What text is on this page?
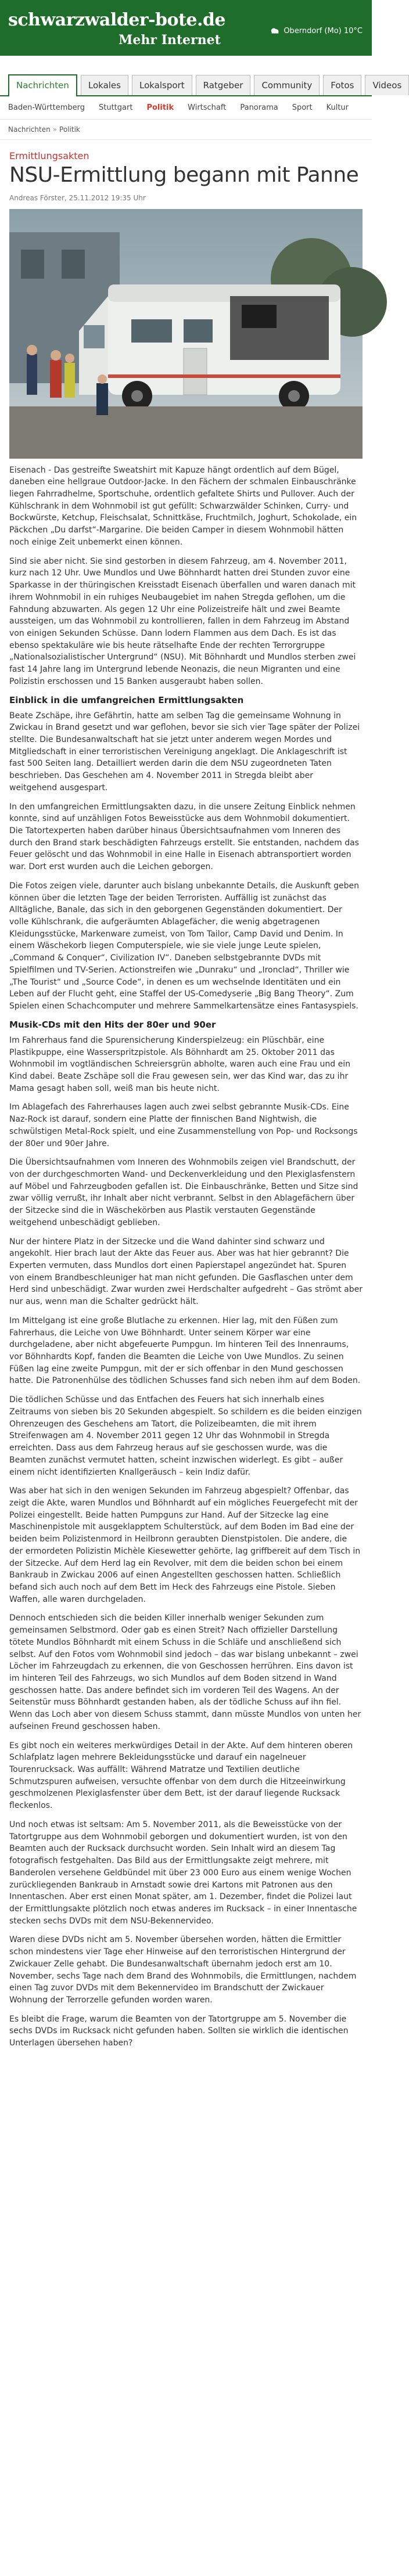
schwarzwalder-bote.de
Mehr Internet
Oberndorf (Mo) 10°C
Nachrichten	Lokales	Lokalsport	Ratgeber	Community	Fotos	Videos
Baden-Württemberg Stuttgart Politik Wirtschaft Panorama Sport Kultur
Nachrichten » Politik
Ermittlungsakten
NSU-Ermittlung begann mit Panne
Andreas Förster, 25.11.2012 19:35 Uhr

Eisenach - Das gestreifte Sweatshirt mit Kapuze hängt ordentlich auf dem Bügel, daneben eine hellgraue Outdoor-Jacke. In den Fächern der schmalen Einbauschränke liegen Fahrradhelme, Sportschuhe, ordentlich gefaltete Shirts und Pullover. Auch der Kühlschrank in dem Wohnmobil ist gut gefüllt: Schwarzwälder Schinken, Curry- und Bockwürste, Ketchup, Fleischsalat, Schnittkäse, Fruchtmilch, Joghurt, Schokolade, ein Päckchen „Du darfst“-Margarine. Die beiden Camper in diesem Wohnmobil hätten noch einige Zeit unbemerkt einen können.

Sind sie aber nicht. Sie sind gestorben in diesem Fahrzeug, am 4. November 2011, kurz nach 12 Uhr. Uwe Mundlos und Uwe Böhnhardt hatten drei Stunden zuvor eine Sparkasse in der thüringischen Kreisstadt Eisenach überfallen und waren danach mit ihrem Wohnmobil in ein ruhiges Neubaugebiet im nahen Stregda geflohen, um die Fahndung abzuwarten. Als gegen 12 Uhr eine Polizeistreife hält und zwei Beamte aussteigen, um das Wohnmobil zu kontrollieren, fallen in dem Fahrzeug im Abstand von einigen Sekunden Schüsse. Dann lodern Flammen aus dem Dach. Es ist das ebenso spektakuläre wie bis heute rätselhafte Ende der rechten Terrorgruppe „Nationalsozialistischer Untergrund“ (NSU). Mit Böhnhardt und Mundlos sterben zwei fast 14 Jahre lang im Untergrund lebende Neonazis, die neun Migranten und eine Polizistin erschossen und 15 Banken ausgeraubt haben sollen.

Einblick in die umfangreichen Ermittlungsakten

Beate Zschäpe, ihre Gefährtin, hatte am selben Tag die gemeinsame Wohnung in Zwickau in Brand gesetzt und war geflohen, bevor sie sich vier Tage später der Polizei stellte. Die Bundesanwaltschaft hat sie jetzt unter anderem wegen Mordes und Mitgliedschaft in einer terroristischen Vereinigung angeklagt. Die Anklageschrift ist fast 500 Seiten lang. Detailliert werden darin die dem NSU zugeordneten Taten beschrieben. Das Geschehen am 4. November 2011 in Stregda bleibt aber weitgehend ausgespart.

In den umfangreichen Ermittlungsakten dazu, in die unsere Zeitung Einblick nehmen konnte, sind auf unzähligen Fotos Beweisstücke aus dem Wohnmobil dokumentiert. Die Tatortexperten haben darüber hinaus Übersichtsaufnahmen vom Inneren des durch den Brand stark beschädigten Fahrzeugs erstellt. Sie entstanden, nachdem das Feuer gelöscht und das Wohnmobil in eine Halle in Eisenach abtransportiert worden war. Dort erst wurden auch die Leichen geborgen.

Die Fotos zeigen viele, darunter auch bislang unbekannte Details, die Auskunft geben können über die letzten Tage der beiden Terroristen. Auffällig ist zunächst das Alltägliche, Banale, das sich in den geborgenen Gegenständen dokumentiert. Der volle Kühlschrank, die aufgeräumten Ablagefächer, die wenig abgetragenen Kleidungsstücke, Markenware zumeist, von Tom Tailor, Camp David und Denim. In einem Wäschekorb liegen Computerspiele, wie sie viele junge Leute spielen, „Command & Conquer“, Civilization IV“. Daneben selbstgebrannte DVDs mit Spielfilmen und TV-Serien. Actionstreifen wie „Dunraku“ und „Ironclad“, Thriller wie „The Tourist“ und „Source Code“, in denen es um wechselnde Identitäten und ein Leben auf der Flucht geht, eine Staffel der US-Comedyserie „Big Bang Theory“. Zum Spielen einen Schachcomputer und mehrere Sammelkartensätze eines Fantasyspiels.

Musik-CDs mit den Hits der 80er und 90er

Im Fahrerhaus fand die Spurensicherung Kinderspielzeug: ein Plüschbär, eine Plastikpuppe, eine Wasserspritzpistole. Als Böhnhardt am 25. Oktober 2011 das Wohnmobil im vogtländischen Schreiersgrün abholte, waren auch eine Frau und ein Kind dabei. Beate Zschäpe soll die Frau gewesen sein, wer das Kind war, das zu ihr Mama gesagt haben soll, weiß man bis heute nicht.

Im Ablagefach des Fahrerhauses lagen auch zwei selbst gebrannte Musik-CDs. Eine Naz-Rock ist darauf, sondern eine Platte der finnischen Band Nightwish, die schwülstigen Metal-Rock spielt, und eine Zusammenstellung von Pop- und Rocksongs der 80er und 90er Jahre.

Die Übersichtsaufnahmen vom Inneren des Wohnmobils zeigen viel Brandschutt, der von der durchgeschmorten Wand- und Deckenverkleidung und den Plexiglasfenstern auf Möbel und Fahrzeugboden gefallen ist. Die Einbauschränke, Betten und Sitze sind zwar völlig verrußt, ihr Inhalt aber nicht verbrannt. Selbst in den Ablagefächern über der Sitzecke sind die in Wäschekörben aus Plastik verstauten Gegenstände weitgehend unbeschädigt geblieben.

Nur der hintere Platz in der Sitzecke und die Wand dahinter sind schwarz und angekohlt. Hier brach laut der Akte das Feuer aus. Aber was hat hier gebrannt? Die Experten vermuten, dass Mundlos dort einen Papierstapel angezündet hat. Spuren von einem Brandbeschleuniger hat man nicht gefunden. Die Gasflaschen unter dem Herd sind unbeschädigt. Zwar wurden zwei Herdschalter aufgedreht – Gas strömt aber nur aus, wenn man die Schalter gedrückt hält.

Im Mittelgang ist eine große Blutlache zu erkennen. Hier lag, mit den Füßen zum Fahrerhaus, die Leiche von Uwe Böhnhardt. Unter seinem Körper war eine durchgeladene, aber nicht abgefeuerte Pumpgun. Im hinteren Teil des Innenraums, vor Böhnhardts Kopf, fanden die Beamten die Leiche von Uwe Mundlos. Zu seinen Füßen lag eine zweite Pumpgun, mit der er sich offenbar in den Mund geschossen hatte. Die Patronenhülse des tödlichen Schusses fand sich neben ihm auf dem Boden.

Die tödlichen Schüsse und das Entfachen des Feuers hat sich innerhalb eines Zeitraums von sieben bis 20 Sekunden abgespielt. So schildern es die beiden einzigen Ohrenzeugen des Geschehens am Tatort, die Polizeibeamten, die mit ihrem Streifenwagen am 4. November 2011 gegen 12 Uhr das Wohnmobil in Stregda erreichten. Dass aus dem Fahrzeug heraus auf sie geschossen wurde, was die Beamten zunächst vermutet hatten, scheint inzwischen widerlegt. Es gibt – außer einem nicht identifizierten Knallgeräusch – kein Indiz dafür.

Was aber hat sich in den wenigen Sekunden im Fahrzeug abgespielt? Offenbar, das zeigt die Akte, waren Mundlos und Böhnhardt auf ein mögliches Feuergefecht mit der Polizei eingestellt. Beide hatten Pumpguns zur Hand. Auf der Sitzecke lag eine Maschinenpistole mit ausgeklapptem Schulterstück, auf dem Boden im Bad eine der beiden beim Polizistenmord in Heilbronn geraubten Dienstpistolen. Die andere, die der ermordeten Polizistin Michèle Kiesewetter gehörte, lag griffbereit auf dem Tisch in der Sitzecke. Auf dem Herd lag ein Revolver, mit dem die beiden schon bei einem Bankraub in Zwickau 2006 auf einen Angestellten geschossen hatten. Schließlich befand sich auch noch auf dem Bett im Heck des Fahrzeugs eine Pistole. Sieben Waffen, alle waren durchgeladen.

Dennoch entschieden sich die beiden Killer innerhalb weniger Sekunden zum gemeinsamen Selbstmord. Oder gab es einen Streit? Nach offizieller Darstellung tötete Mundlos Böhnhardt mit einem Schuss in die Schläfe und anschließend sich selbst. Auf den Fotos vom Wohnmobil sind jedoch – das war bislang unbekannt – zwei Löcher im Fahrzeugdach zu erkennen, die von Geschossen herrühren. Eins davon ist im hinteren Teil des Fahrzeugs, wo sich Mundlos auf dem Boden sitzend in Wand geschossen hatte. Das andere befindet sich im vorderen Teil des Wagens. An der Seitenstür muss Böhnhardt gestanden haben, als der tödliche Schuss auf ihn fiel. Wenn das Loch aber von diesem Schuss stammt, dann müsste Mundlos von unten her aufseinen Freund geschossen haben.

Es gibt noch ein weiteres merkwürdiges Detail in der Akte. Auf dem hinteren oberen Schlafplatz lagen mehrere Bekleidungsstücke und darauf ein nagelneuer Tourenrucksack. Was auffällt: Während Matratze und Textilien deutliche Schmutzspuren aufweisen, versuchte offenbar von dem durch die Hitzeeinwirkung geschmolzenen Plexiglasfenster über dem Bett, ist der darauf liegende Rucksack fleckenlos.

Und noch etwas ist seltsam: Am 5. November 2011, als die Beweisstücke von der Tatortgruppe aus dem Wohnmobil geborgen und dokumentiert wurden, ist von den Beamten auch der Rucksack durchsucht worden. Sein Inhalt wird an diesem Tag fotografisch festgehalten. Das Bild aus der Ermittlungsakte zeigt mehrere, mit Banderolen versehene Geldbündel mit über 23 000 Euro aus einem wenige Wochen zurückliegenden Bankraub in Arnstadt sowie drei Kartons mit Patronen aus den Innentaschen. Aber erst einen Monat später, am 1. Dezember, findet die Polizei laut der Ermittlungsakte plötzlich noch etwas anderes im Rucksack – in einer Innentasche stecken sechs DVDs mit dem NSU-Bekennervideo.

Waren diese DVDs nicht am 5. November übersehen worden, hätten die Ermittler schon mindestens vier Tage eher Hinweise auf den terroristischen Hintergrund der Zwickauer Zelle gehabt. Die Bundesanwaltschaft übernahm jedoch erst am 10. November, sechs Tage nach dem Brand des Wohnmobils, die Ermittlungen, nachdem einen Tag zuvor DVDs mit dem Bekennervideo im Brandschutt der Zwickauer Wohnung der Terrorzelle gefunden worden waren.

Es bleibt die Frage, warum die Beamten von der Tatortgruppe am 5. November die sechs DVDs im Rucksack nicht gefunden haben. Sollten sie wirklich die identischen Unterlagen übersehen haben?
